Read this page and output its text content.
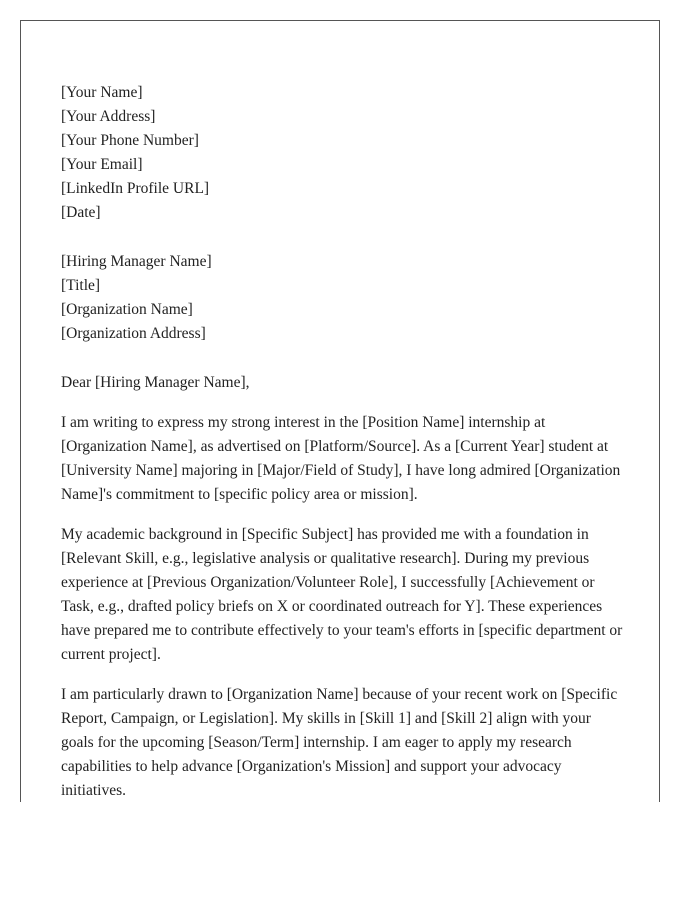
[Your Name]
[Your Address]
[Your Phone Number]
[Your Email]
[LinkedIn Profile URL]
[Date]
[Hiring Manager Name]
[Title]
[Organization Name]
[Organization Address]

Dear [Hiring Manager Name],

I am writing to express my strong interest in the [Position Name] internship at [Organization Name], as advertised on [Platform/Source]. As a [Current Year] student at [University Name] majoring in [Major/Field of Study], I have long admired [Organization Name]'s commitment to [specific policy area or mission].

My academic background in [Specific Subject] has provided me with a foundation in [Relevant Skill, e.g., legislative analysis or qualitative research]. During my previous experience at [Previous Organization/Volunteer Role], I successfully [Achievement or Task, e.g., drafted policy briefs on X or coordinated outreach for Y]. These experiences have prepared me to contribute effectively to your team's efforts in [specific department or current project].

I am particularly drawn to [Organization Name] because of your recent work on [Specific Report, Campaign, or Legislation]. My skills in [Skill 1] and [Skill 2] align with your goals for the upcoming [Season/Term] internship. I am eager to apply my research capabilities to help advance [Organization's Mission] and support your advocacy initiatives.
